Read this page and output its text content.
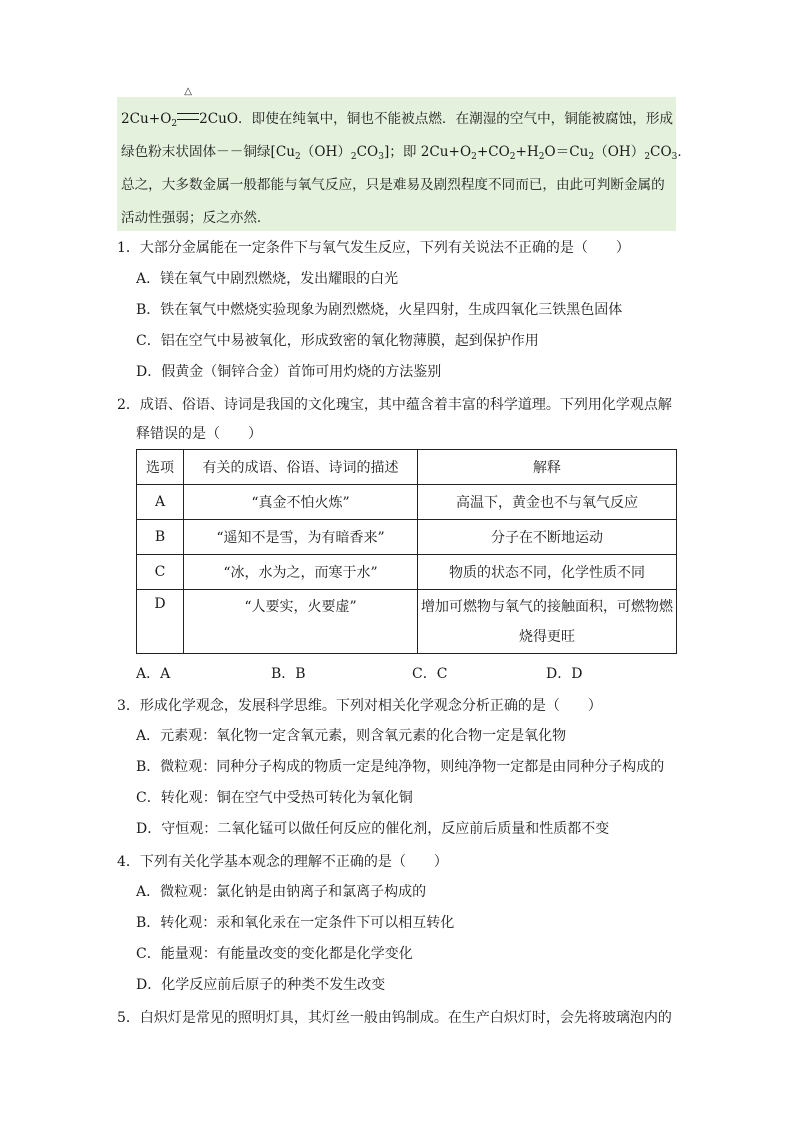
$2Cu+O_2$
△
2CuO．即使在纯氧中，铜也不能被点燃．在潮湿的空气中，铜能被腐蚀，形成
绿色粉末状固体－－铜绿$[Cu_2(OH)_2CO_3]$；即 $2Cu+O_2+CO_2+H_2O=Cu_2(OH)_2CO_3$．
总之，大多数金属一般都能与氧气反应，只是难易及剧烈程度不同而已，由此可判断金属的
活动性强弱；反之亦然．
1．大部分金属能在一定条件下与氧气发生反应，下列有关说法不正确的是（　　）
A．镁在氧气中剧烈燃烧，发出耀眼的白光
B．铁在氧气中燃烧实验现象为剧烈燃烧，火星四射，生成四氧化三铁黑色固体
C．铝在空气中易被氧化，形成致密的氧化物薄膜，起到保护作用
D．假黄金（铜锌合金）首饰可用灼烧的方法鉴别
2．成语、俗语、诗词是我国的文化瑰宝，其中蕴含着丰富的科学道理。下列用化学观点解
释错误的是（　　）
选项	有关的成语、俗语、诗词的描述	解释
A	“真金不怕火炼”	高温下，黄金也不与氧气反应
B	“遥知不是雪，为有暗香来”	分子在不断地运动
C	“冰，水为之，而寒于水”	物质的状态不同，化学性质不同
D	“人要实，火要虚”	增加可燃物与氧气的接触面积，可燃物燃
烧得更旺
A．A	B．B	C．C	D．D
3．形成化学观念，发展科学思维。下列对相关化学观念分析正确的是（　　）
A．元素观：氧化物一定含氧元素，则含氧元素的化合物一定是氧化物
B．微粒观：同种分子构成的物质一定是纯净物，则纯净物一定都是由同种分子构成的
C．转化观：铜在空气中受热可转化为氧化铜
D．守恒观：二氧化锰可以做任何反应的催化剂，反应前后质量和性质都不变
4．下列有关化学基本观念的理解不正确的是（　　）
A．微粒观：氯化钠是由钠离子和氯离子构成的
B．转化观：汞和氧化汞在一定条件下可以相互转化
C．能量观：有能量改变的变化都是化学变化
D．化学反应前后原子的种类不发生改变
5．白炽灯是常见的照明灯具，其灯丝一般由钨制成。在生产白炽灯时，会先将玻璃泡内的
